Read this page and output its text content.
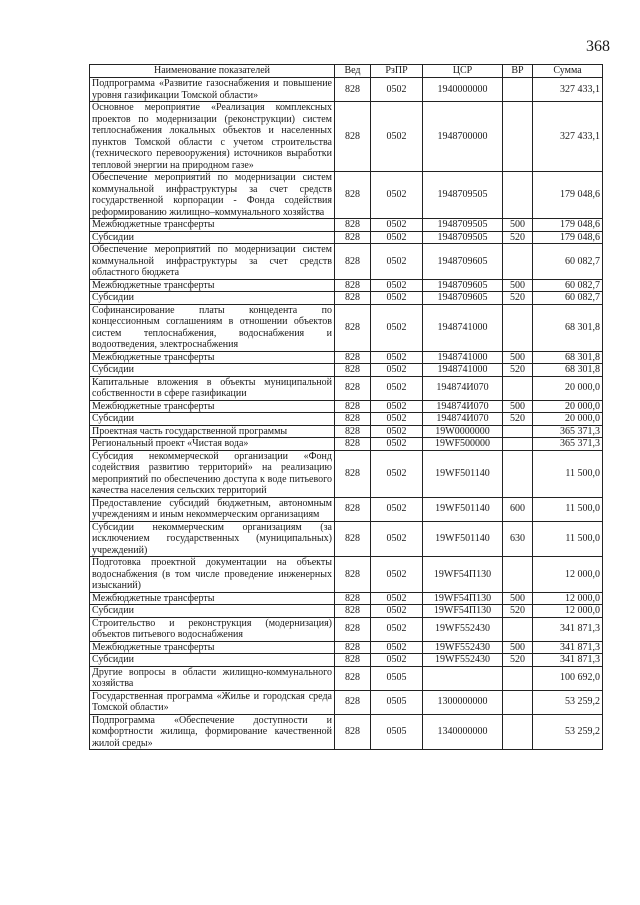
368
Наименование показателей	Вед	РзПР	ЦСР	ВР	Сумма
Подпрограмма «Развитие газоснабжения и повышение уровня газификации Томской области»	828	0502	1940000000		327 433,1
Основное мероприятие «Реализация комплексных проектов по модернизации (реконструкции) систем теплоснабжения локальных объектов и населенных пунктов Томской области с учетом строительства (технического перевооружения) источников выработки тепловой энергии на природном газе»	828	0502	1948700000		327 433,1
Обеспечение мероприятий по модернизации систем коммунальной инфраструктуры за счет средств государственной корпорации - Фонда содействия реформированию жилищно–коммунального хозяйства	828	0502	1948709505		179 048,6
Межбюджетные трансферты	828	0502	1948709505	500	179 048,6
Субсидии	828	0502	1948709505	520	179 048,6
Обеспечение мероприятий по модернизации систем коммунальной инфраструктуры за счет средств областного бюджета	828	0502	1948709605		60 082,7
Межбюджетные трансферты	828	0502	1948709605	500	60 082,7
Субсидии	828	0502	1948709605	520	60 082,7
Софинансирование платы концедента по концессионным соглашениям в отношении объектов систем теплоснабжения, водоснабжения и водоотведения, электроснабжения	828	0502	1948741000		68 301,8
Межбюджетные трансферты	828	0502	1948741000	500	68 301,8
Субсидии	828	0502	1948741000	520	68 301,8
Капитальные вложения в объекты муниципальной собственности в сфере газификации	828	0502	194874И070		20 000,0
Межбюджетные трансферты	828	0502	194874И070	500	20 000,0
Субсидии	828	0502	194874И070	520	20 000,0
Проектная часть государственной программы	828	0502	19W0000000		365 371,3
Региональный проект «Чистая вода»	828	0502	19WF500000		365 371,3
Субсидия некоммерческой организации «Фонд содействия развитию территорий» на реализацию мероприятий по обеспечению доступа к воде питьевого качества населения сельских территорий	828	0502	19WF501140		11 500,0
Предоставление субсидий бюджетным, автономным учреждениям и иным некоммерческим организациям	828	0502	19WF501140	600	11 500,0
Субсидии некоммерческим организациям (за исключением государственных (муниципальных) учреждений)	828	0502	19WF501140	630	11 500,0
Подготовка проектной документации на объекты водоснабжения (в том числе проведение инженерных изысканий)	828	0502	19WF54П130		12 000,0
Межбюджетные трансферты	828	0502	19WF54П130	500	12 000,0
Субсидии	828	0502	19WF54П130	520	12 000,0
Строительство и реконструкция (модернизация) объектов питьевого водоснабжения	828	0502	19WF552430		341 871,3
Межбюджетные трансферты	828	0502	19WF552430	500	341 871,3
Субсидии	828	0502	19WF552430	520	341 871,3
Другие вопросы в области жилищно-коммунального хозяйства	828	0505			100 692,0
Государственная программа «Жилье и городская среда Томской области»	828	0505	1300000000		53 259,2
Подпрограмма «Обеспечение доступности и комфортности жилища, формирование качественной жилой среды»	828	0505	1340000000		53 259,2
